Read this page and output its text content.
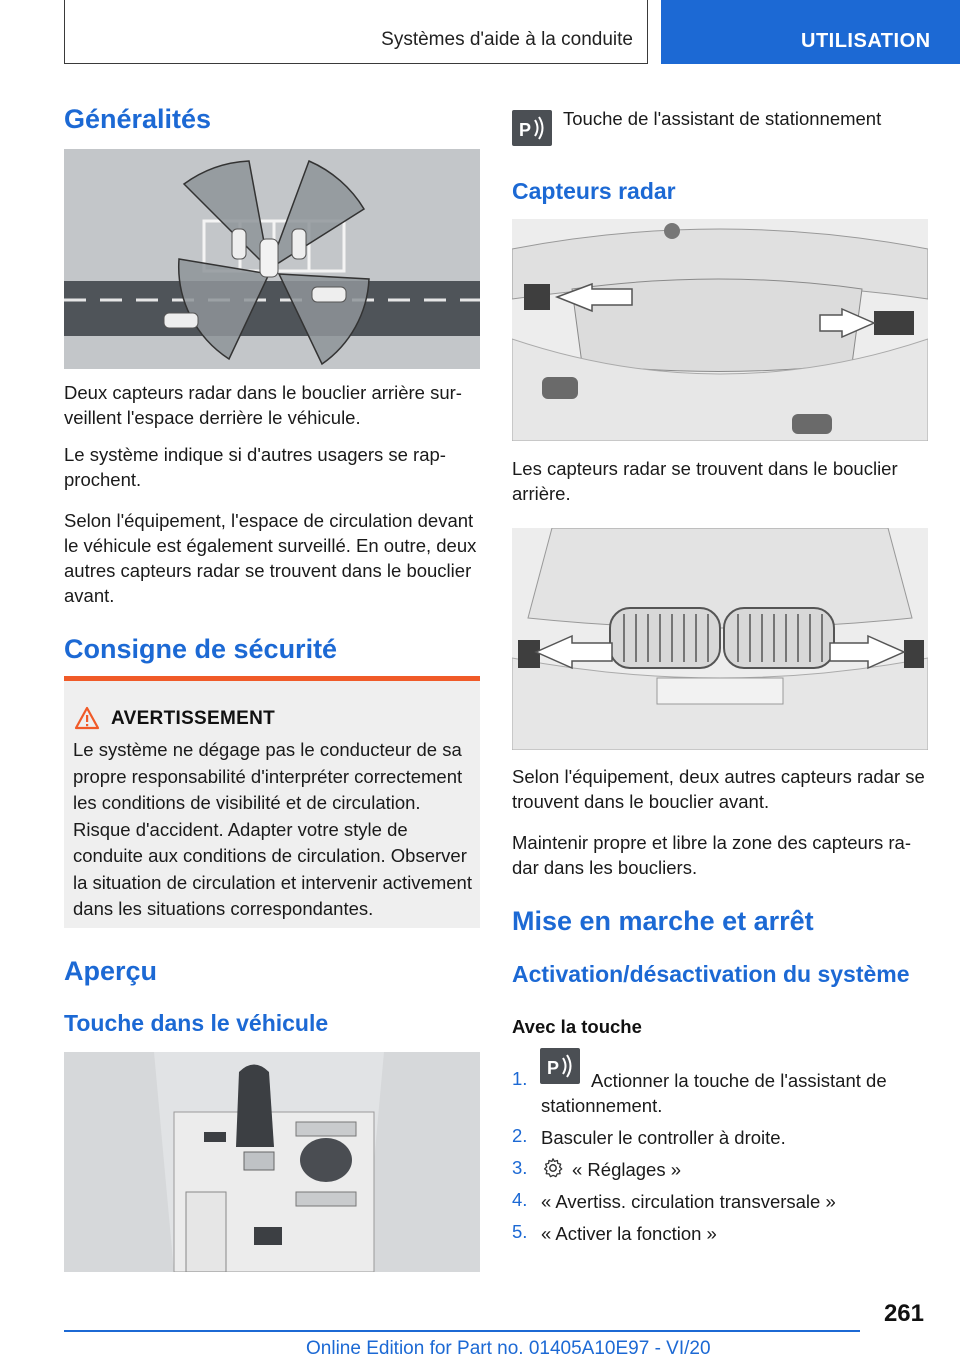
Systèmes d'aide à la conduite	UTILISATION
Généralités

Deux capteurs radar dans le bouclier arrière surveillent l'espace derrière le véhicule.

Le système indique si d'autres usagers se rapprochent.

Selon l'équipement, l'espace de circulation devant le véhicule est également surveillé. En outre, deux autres capteurs radar se trouvent dans le bouclier avant.

Consigne de sécurité
AVERTISSEMENT
Le système ne dégage pas le conducteur de sa propre responsabilité d'interpréter correctement les conditions de visibilité et de circulation. Risque d'accident. Adapter votre style de conduite aux conditions de circulation. Observer la situation de circulation et intervenir activement dans les situations correspondantes.
Aperçu
Touche dans le véhicule
P

Touche de l'assistant de stationnement

Capteurs radar

Les capteurs radar se trouvent dans le bouclier arrière.

Selon l'équipement, deux autres capteurs radar se trouvent dans le bouclier avant.

Maintenir propre et libre la zone des capteurs radar dans les boucliers.

Mise en marche et arrêt
Activation/désactivation du système
Avec la touche
1. P
Actionner la touche de l'assistant de stationnement.
2. Basculer le controller à droite.
3. « Réglages »
4. « Avertiss. circulation transversale »
5. « Activer la fonction »
261
Online Edition for Part no. 01405A10E97 - VI/20
